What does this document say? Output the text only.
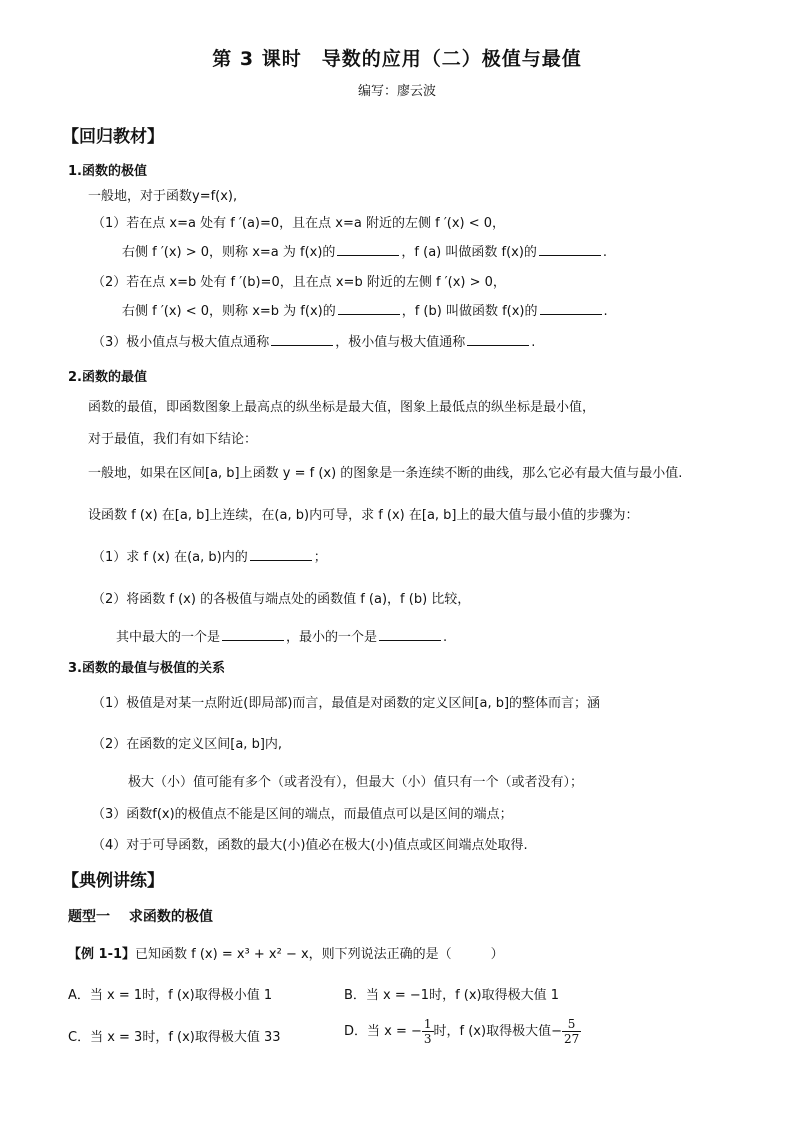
第 3 课时　导数的应用（二）极值与最值
编写：廖云波
【回归教材】
1.函数的极值
一般地，对于函数y=f(x),
（1）若在点 x=a 处有 f ′(a)=0，且在点 x=a 附近的左侧 f ′(x) < 0，
右侧 f ′(x) > 0，则称 x=a 为 f(x)的	，f (a) 叫做函数 f(x)的	.
（2）若在点 x=b 处有 f ′(b)=0，且在点 x=b 附近的左侧 f ′(x) > 0，
右侧 f ′(x) < 0，则称 x=b 为 f(x)的	，f (b) 叫做函数 f(x)的	.
（3）极小值点与极大值点通称	，极小值与极大值通称	.
2.函数的最值
函数的最值，即函数图象上最高点的纵坐标是最大值，图象上最低点的纵坐标是最小值，
对于最值，我们有如下结论：
一般地，如果在区间[a, b]上函数 y = f (x) 的图象是一条连续不断的曲线，那么它必有最大值与最小值.
设函数 f (x) 在[a, b]上连续，在(a, b)内可导，求 f (x) 在[a, b]上的最大值与最小值的步骤为：
（1）求 f (x) 在(a, b)内的	；
（2）将函数 f (x) 的各极值与端点处的函数值 f (a)，f (b) 比较，
其中最大的一个是	，最小的一个是	.
3.函数的最值与极值的关系
（1）极值是对某一点附近(即局部)而言，最值是对函数的定义区间[a, b]的整体而言；涵
（2）在函数的定义区间[a, b]内,
极大（小）值可能有多个（或者没有），但最大（小）值只有一个（或者没有）；
（3）函数f(x)的极值点不能是区间的端点，而最值点可以是区间的端点；
（4）对于可导函数，函数的最大(小)值必在极大(小)值点或区间端点处取得.
【典例讲练】
题型一　 求函数的极值
【例 1-1】已知函数 f (x) = x³ + x² − x，则下列说法正确的是（　　　）
A．当 x = 1时，f (x)取得极小值 1	B．当 x = −1时，f (x)取得极大值 1
C．当 x = 3时，f (x)取得极大值 33	D．当 x = − $\frac{1}{3}$ 时，f (x)取得极大值− $\frac{5}{27}$
